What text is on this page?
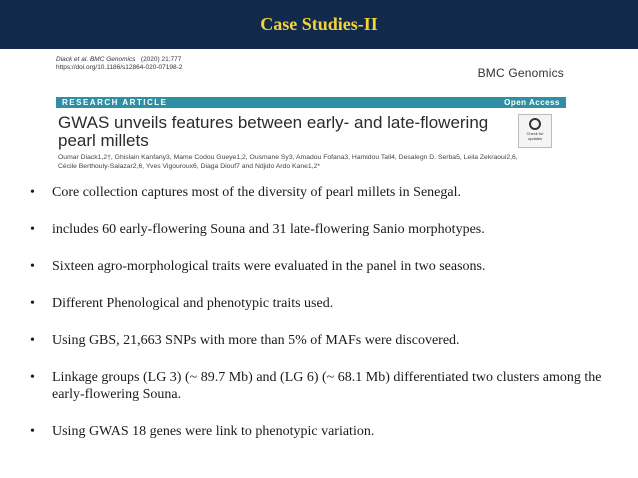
Case Studies-II
Diack et al. BMC Genomics (2020) 21:777
https://doi.org/10.1186/s12864-020-07198-2	BMC Genomics
RESEARCH ARTICLE	Open Access
GWAS unveils features between early- and late-flowering pearl millets	Check for updates
Oumar Diack1,2†, Ghislain Kanfany3, Mame Codou Gueye1,2, Ousmane Sy3, Amadou Fofana3, Hamidou Tall4, Desalegn D. Serba5, Leila Zekraoui2,6, Cécile Berthouly-Salazar2,6, Yves Vigouroux6, Diaga Diouf7 and Ndjido Ardo Kane1,2*
• Core collection captures most of the diversity of pearl millets in Senegal.
• includes 60 early-flowering Souna and 31 late-flowering Sanio morphotypes.
• Sixteen agro-morphological traits were evaluated in the panel in two seasons.
• Different Phenological and phenotypic traits used.
• Using GBS, 21,663 SNPs with more than 5% of MAFs were discovered.
• Linkage groups (LG 3) (~ 89.7 Mb) and (LG 6) (~ 68.1 Mb) differentiated two clusters among the early-flowering Souna.
• Using GWAS 18 genes were link to phenotypic variation.
